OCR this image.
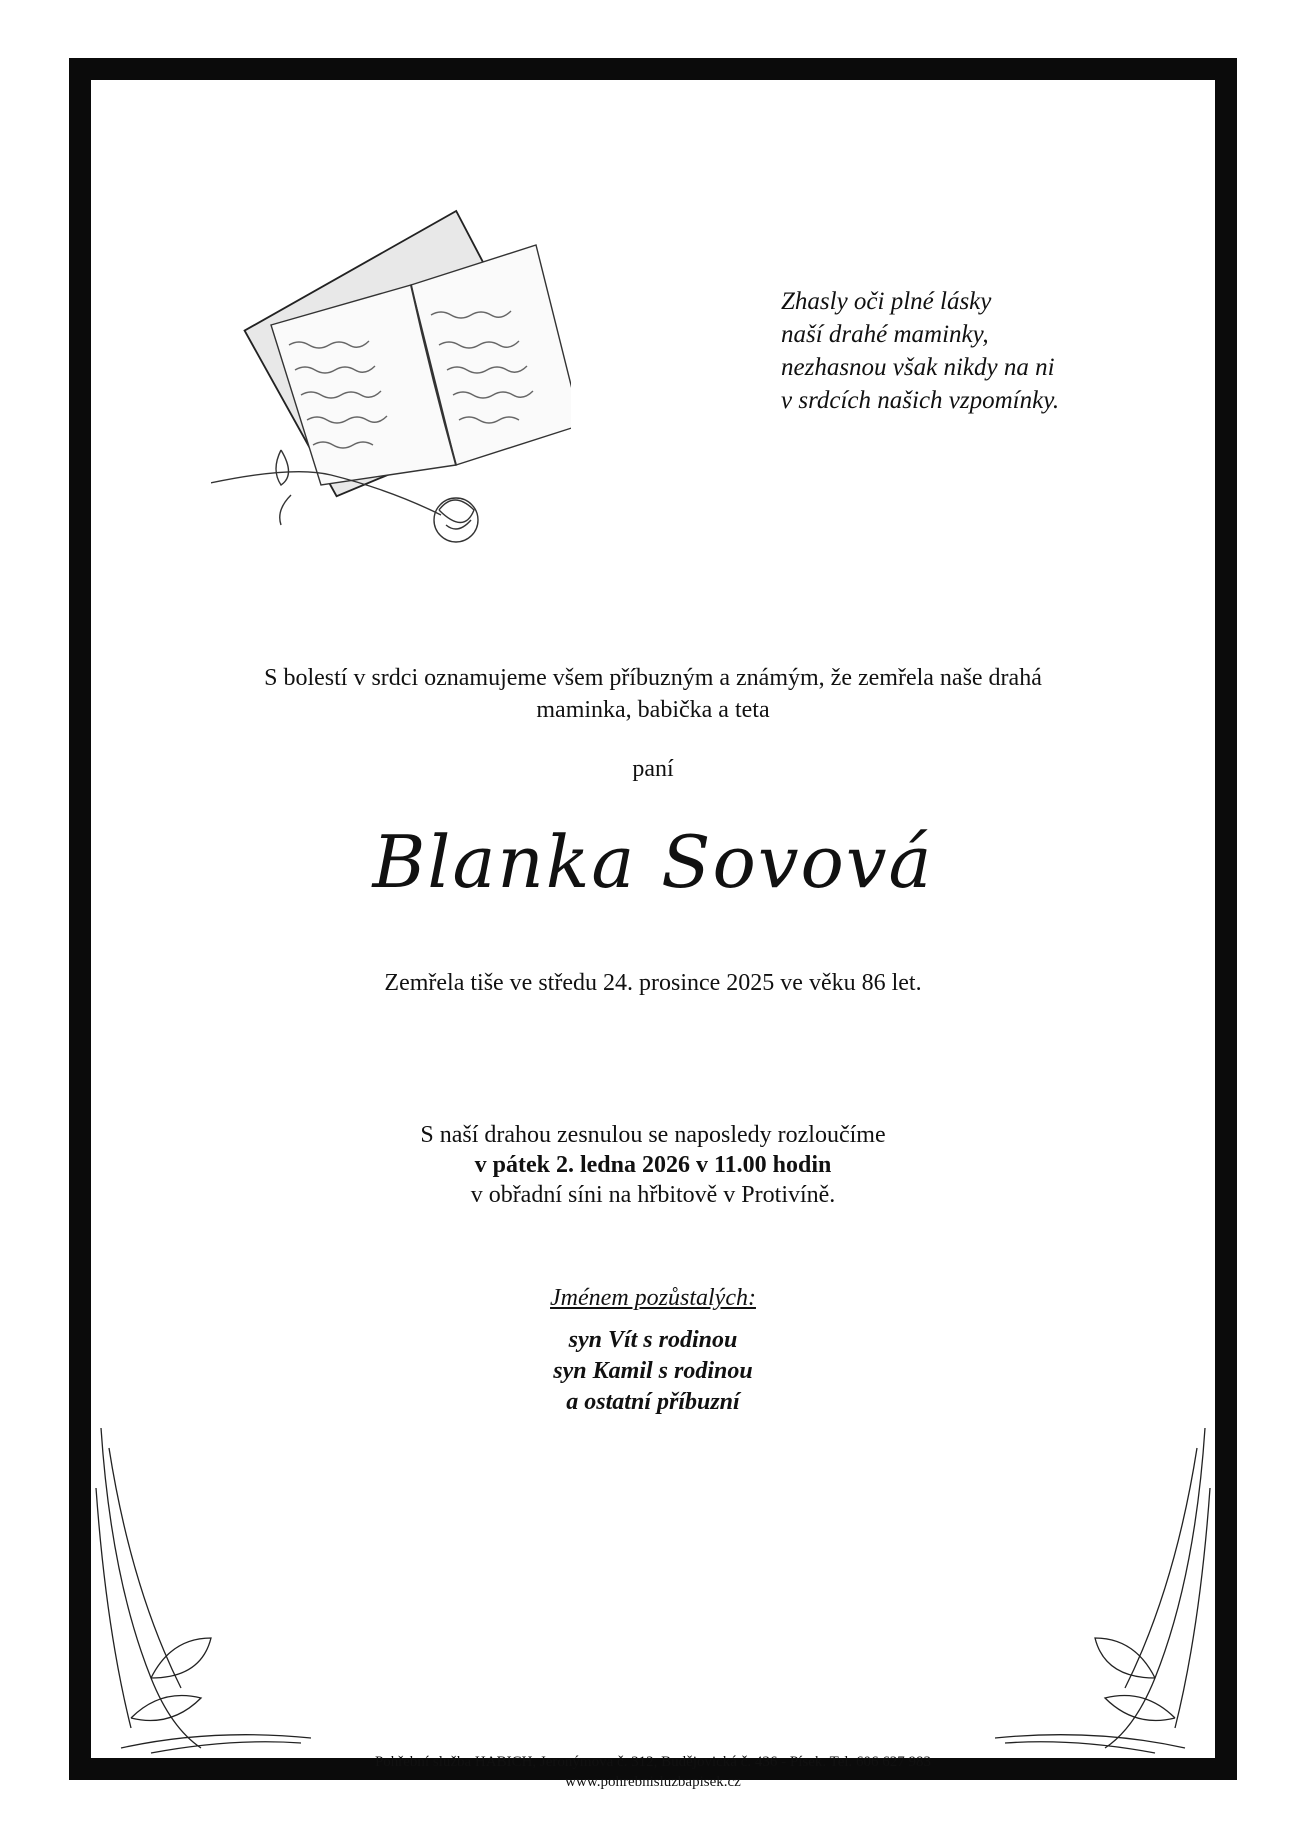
Zhasly oči plné lásky
naší drahé maminky,
nezhasnou však nikdy na ni
v srdcích našich vzpomínky.
S bolestí v srdci oznamujeme všem příbuzným a známým, že zemřela naše drahá
maminka, babička a teta
paní
Blanka Sovová
Zemřela tiše ve středu 24. prosince 2025 ve věku 86 let.
S naší drahou zesnulou se naposledy rozloučíme
v pátek 2. ledna 2026 v 11.00 hodin
v obřadní síni na hřbitově v Protivíně.
Jménem pozůstalých:
syn Vít s rodinou
syn Kamil s rodinou
a ostatní příbuzní
Pohřební služba HABICH, Jeronýmova č. 312, Budějovická č. 436 - Písek. Tel. 606 627 983
www.pohrebnisluzbapisek.cz
